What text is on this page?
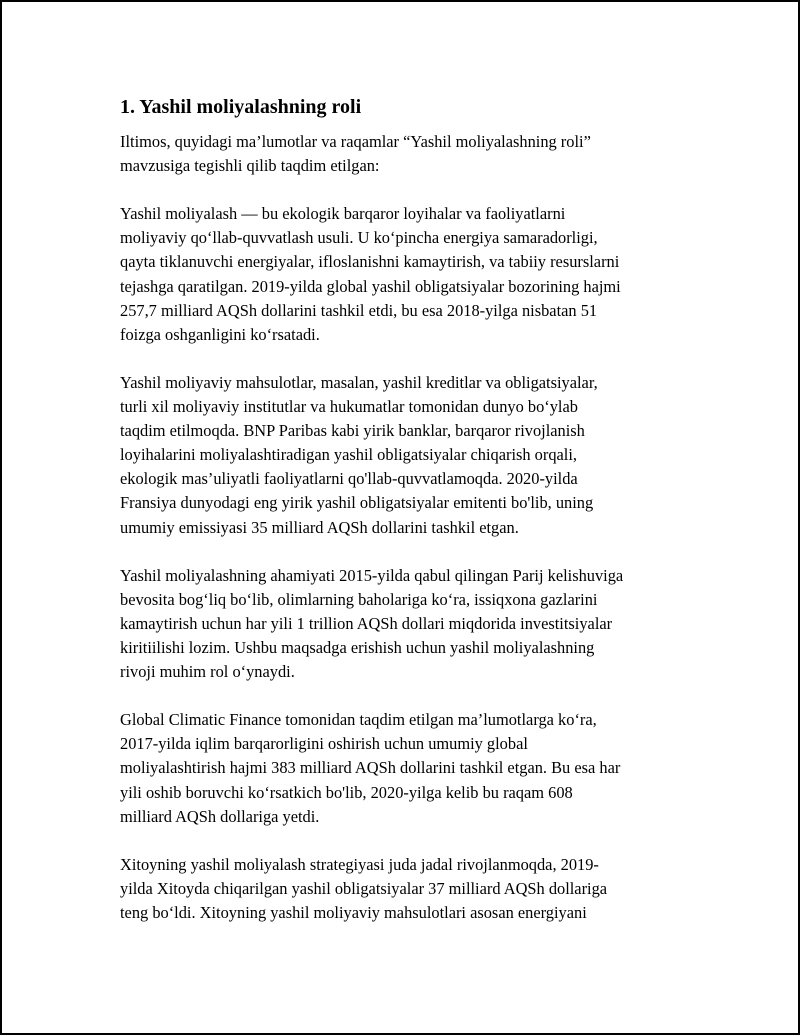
1. Yashil moliyalashning roli

Iltimos, quyidagi ma’lumotlar va raqamlar “Yashil moliyalashning roli”
mavzusiga tegishli qilib taqdim etilgan:

Yashil moliyalash — bu ekologik barqaror loyihalar va faoliyatlarni
moliyaviy qo‘llab-quvvatlash usuli. U ko‘pincha energiya samaradorligi,
qayta tiklanuvchi energiyalar, ifloslanishni kamaytirish, va tabiiy resurslarni
tejashga qaratilgan. 2019-yilda global yashil obligatsiyalar bozorining hajmi
257,7 milliard AQSh dollarini tashkil etdi, bu esa 2018-yilga nisbatan 51
foizga oshganligini ko‘rsatadi.

Yashil moliyaviy mahsulotlar, masalan, yashil kreditlar va obligatsiyalar,
turli xil moliyaviy institutlar va hukumatlar tomonidan dunyo bo‘ylab
taqdim etilmoqda. BNP Paribas kabi yirik banklar, barqaror rivojlanish
loyihalarini moliyalashtiradigan yashil obligatsiyalar chiqarish orqali,
ekologik mas’uliyatli faoliyatlarni qo'llab-quvvatlamoqda. 2020-yilda
Fransiya dunyodagi eng yirik yashil obligatsiyalar emitenti bo'lib, uning
umumiy emissiyasi 35 milliard AQSh dollarini tashkil etgan.

Yashil moliyalashning ahamiyati 2015-yilda qabul qilingan Parij kelishuviga
bevosita bog‘liq bo‘lib, olimlarning baholariga ko‘ra, issiqxona gazlarini
kamaytirish uchun har yili 1 trillion AQSh dollari miqdorida investitsiyalar
kiritiilishi lozim. Ushbu maqsadga erishish uchun yashil moliyalashning
rivoji muhim rol o‘ynaydi.

Global Climatic Finance tomonidan taqdim etilgan ma’lumotlarga ko‘ra,
2017-yilda iqlim barqarorligini oshirish uchun umumiy global
moliyalashtirish hajmi 383 milliard AQSh dollarini tashkil etgan. Bu esa har
yili oshib boruvchi ko‘rsatkich bo'lib, 2020-yilga kelib bu raqam 608
milliard AQSh dollariga yetdi.

Xitoyning yashil moliyalash strategiyasi juda jadal rivojlanmoqda, 2019-
yilda Xitoyda chiqarilgan yashil obligatsiyalar 37 milliard AQSh dollariga
teng bo‘ldi. Xitoyning yashil moliyaviy mahsulotlari asosan energiyani
